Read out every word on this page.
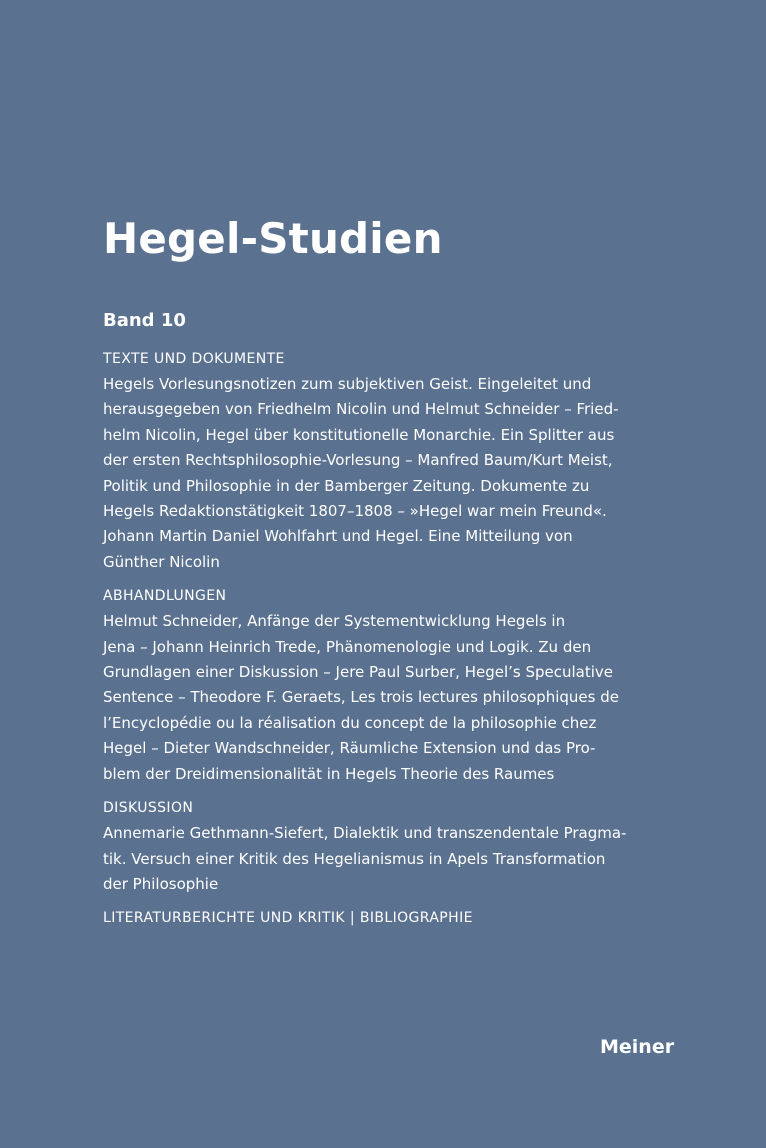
Hegel-Studien
Band 10
TEXTE UND DOKUMENTE
Hegels Vorlesungsnotizen zum subjektiven Geist. Eingeleitet und
herausgegeben von Friedhelm Nicolin und Helmut Schneider – Fried-
helm Nicolin, Hegel über konstitutionelle Monarchie. Ein Splitter aus
der ersten Rechtsphilosophie-Vorlesung – Manfred Baum/Kurt Meist,
Politik und Philosophie in der Bamberger Zeitung. Dokumente zu
Hegels Redaktionstätigkeit 1807–1808 – »Hegel war mein Freund«.
Johann Martin Daniel Wohlfahrt und Hegel. Eine Mitteilung von
Günther Nicolin
ABHANDLUNGEN
Helmut Schneider, Anfänge der Systementwicklung Hegels in
Jena – Johann Heinrich Trede, Phänomenologie und Logik. Zu den
Grundlagen einer Diskussion – Jere Paul Surber, Hegel’s Speculative
Sentence – Theodore F. Geraets, Les trois lectures philosophiques de
l’Encyclopédie ou la réalisation du concept de la philosophie chez
Hegel – Dieter Wandschneider, Räumliche Extension und das Pro-
blem der Dreidimensionalität in Hegels Theorie des Raumes
DISKUSSION
Annemarie Gethmann-Siefert, Dialektik und transzendentale Pragma-
tik. Versuch einer Kritik des Hegelianismus in Apels Transformation
der Philosophie
LITERATURBERICHTE UND KRITIK | BIBLIOGRAPHIE
Meiner
